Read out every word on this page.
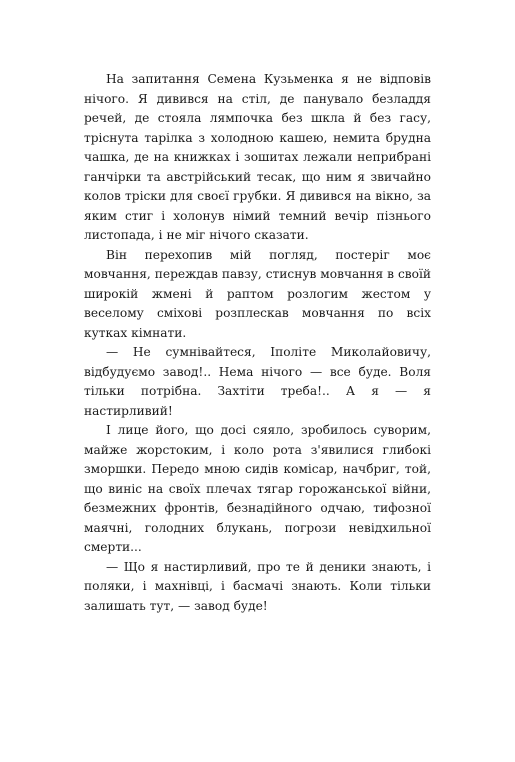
На запитання Семена Кузьменка я не відповів нічого. Я дивився на стіл, де панувало безладдя речей, де стояла лямпочка без шкла й без гасу, тріснута тарілка з холодною кашею, немита брудна чашка, де на книжках і зошитах лежали неприбрані ганчірки та австрійський тесак, що ним я звичайно колов тріски для своєї грубки. Я дивився на вікно, за яким стиг і холонув німий темний вечір пізнього листопада, і не міг нічого сказати.

Він перехопив мій погляд, постеріг моє мовчання, переждав павзу, стиснув мовчання в своїй широкій жмені й раптом розлогим жестом у веселому сміхові розплескав мовчання по всіх кутках кімнати.

— Не сумнівайтеся, Іполіте Миколайовичу, відбудуємо завод!.. Нема нічого — все буде. Воля тільки потрібна. Захтіти треба!.. А я — я настирливий!

І лице його, що досі сяяло, зробилось суворим, майже жорстоким, і коло рота з'явилися глибокі зморшки. Передо мною сидів комісар, начбриг, той, що виніс на своїх плечах тягар горожанської війни, безмежних фронтів, безнадійного одчаю, тифозної маячні, голодних блукань, погрози невідхильної смерти...

— Що я настирливий, про те й деники знають, і поляки, і махнівці, і басмачі знають. Коли тільки залишать тут, — завод буде!
